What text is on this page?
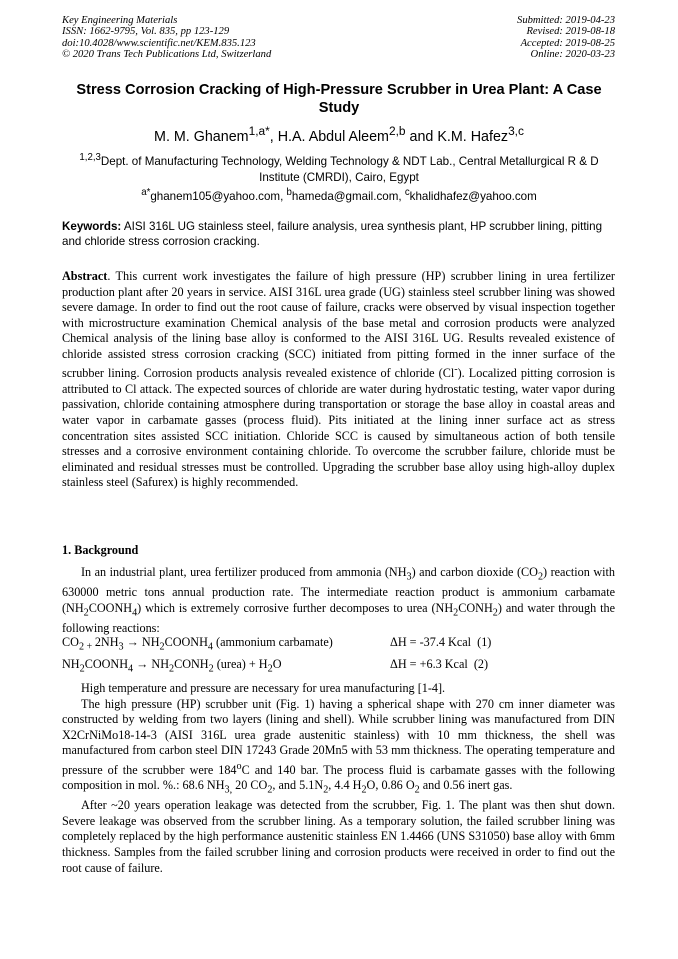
Key Engineering Materials
ISSN: 1662-9795, Vol. 835, pp 123-129
doi:10.4028/www.scientific.net/KEM.835.123
© 2020 Trans Tech Publications Ltd, Switzerland
Submitted: 2019-04-23
Revised: 2019-08-18
Accepted: 2019-08-25
Online: 2020-03-23
Stress Corrosion Cracking of High-Pressure Scrubber in Urea Plant: A Case Study
M. M. Ghanem$^{1,a*}$, H.A. Abdul Aleem$^{2,b}$ and K.M. Hafez$^{3,c}$
$^{1,2,3}$Dept. of Manufacturing Technology, Welding Technology & NDT Lab., Central Metallurgical R & D Institute (CMRDI), Cairo, Egypt
$^{a*}$ghanem105@yahoo.com, $^b$hameda@gmail.com, $^c$khalidhafez@yahoo.com
Keywords: AISI 316L UG stainless steel, failure analysis, urea synthesis plant, HP scrubber lining, pitting and chloride stress corrosion cracking.
Abstract. This current work investigates the failure of high pressure (HP) scrubber lining in urea fertilizer production plant after 20 years in service. AISI 316L urea grade (UG) stainless steel scrubber lining was showed severe damage. In order to find out the root cause of failure, cracks were observed by visual inspection together with microstructure examination Chemical analysis of the base metal and corrosion products were analyzed Chemical analysis of the lining base alloy is conformed to the AISI 316L UG. Results revealed existence of chloride assisted stress corrosion cracking (SCC) initiated from pitting formed in the inner surface of the scrubber lining. Corrosion products analysis revealed existence of chloride (Cl-). Localized pitting corrosion is attributed to Cl attack. The expected sources of chloride are water during hydrostatic testing, water vapor during passivation, chloride containing atmosphere during transportation or storage the base alloy in coastal areas and water vapor in carbamate gasses (process fluid). Pits initiated at the lining inner surface act as stress concentration sites assisted SCC initiation. Chloride SCC is caused by simultaneous action of both tensile stresses and a corrosive environment containing chloride. To overcome the scrubber failure, chloride must be eliminated and residual stresses must be controlled. Upgrading the scrubber base alloy using high-alloy duplex stainless steel (Safurex) is highly recommended.
1. Background

In an industrial plant, urea fertilizer produced from ammonia $(NH_3)$ and carbon dioxide $(CO_2)$ reaction with 630000 metric tons annual production rate. The intermediate reaction product is ammonium carbamate $(NH_2COONH_4)$ which is extremely corrosive further decomposes to urea $(NH_2CONH_2)$ and water through the following reactions:

$CO_{2 +}$ $2NH_3$ → $NH_2COONH_4$ (ammonium carbamate)	ΔH = -37.4 Kcal (1)
$NH_2COONH_4$ → $NH_2CONH_2$ (urea) + $H_2O$	ΔH = +6.3 Kcal (2)

High temperature and pressure are necessary for urea manufacturing [1-4].

The high pressure (HP) scrubber unit (Fig. 1) having a spherical shape with 270 cm inner diameter was constructed by welding from two layers (lining and shell). While scrubber lining was manufactured from DIN X2CrNiMo18-14-3 (AISI 316L urea grade austenitic stainless) with 10 mm thickness, the shell was manufactured from carbon steel DIN 17243 Grade 20Mn5 with 53 mm thickness. The operating temperature and pressure of the scrubber were 184$^o$C and 140 bar. The process fluid is carbamate gasses with the following composition in mol. %.: 68.6 $NH_{3,}$ 20 $CO_2$, and $5.1N_2$, 4.4 $H_2O$, 0.86 $O_2$ and 0.56 inert gas.

After ~20 years operation leakage was detected from the scrubber, Fig. 1. The plant was then shut down. Severe leakage was observed from the scrubber lining. As a temporary solution, the failed scrubber lining was completely replaced by the high performance austenitic stainless EN 1.4466 (UNS S31050) base alloy with 6mm thickness. Samples from the failed scrubber lining and corrosion products were received in order to find out the root cause of failure.
